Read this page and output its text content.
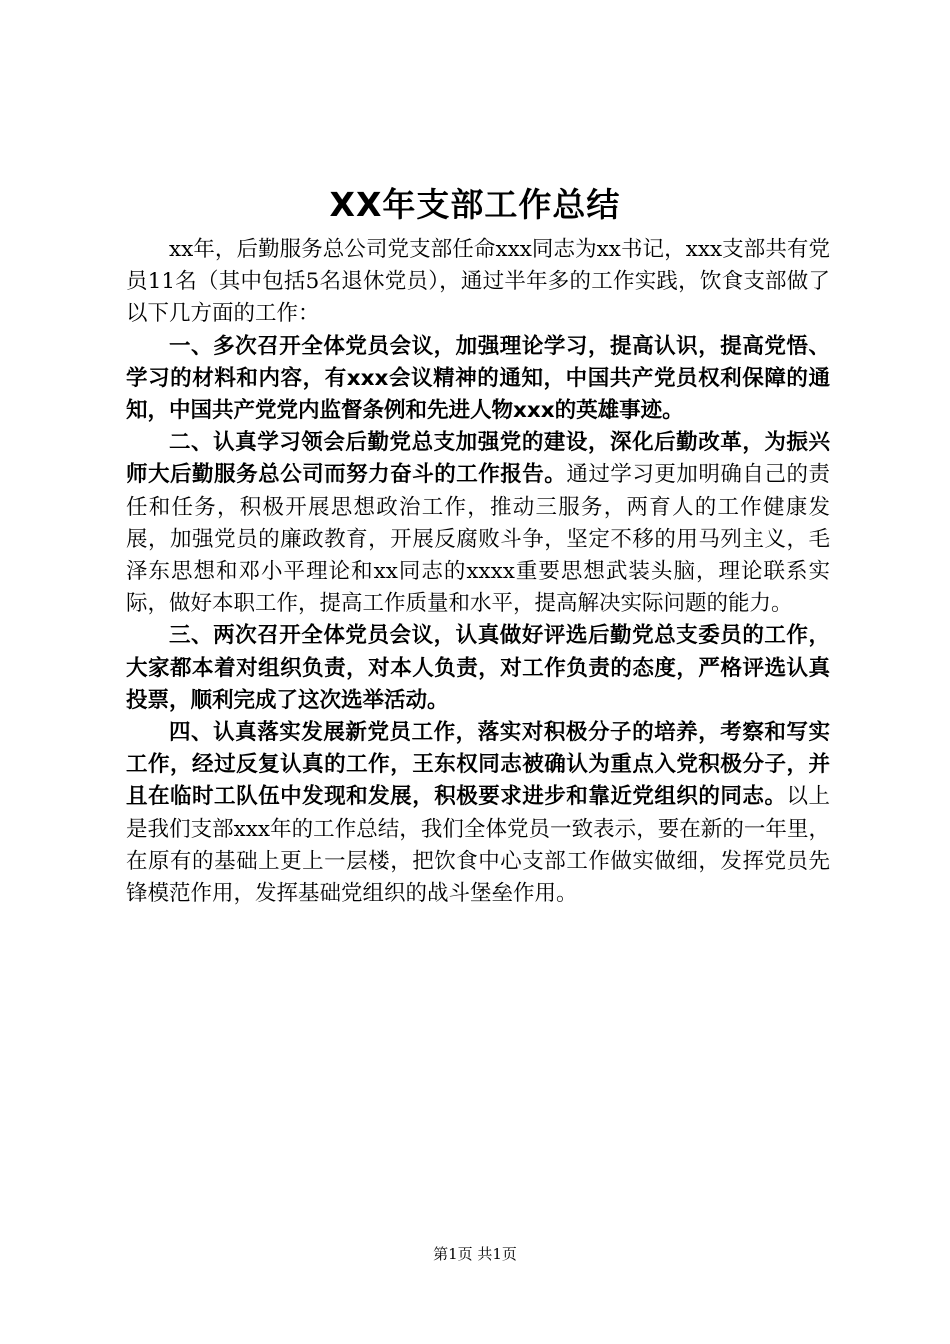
XX年支部工作总结

xx年，后勤服务总公司党支部任命xxx同志为xx书记，xxx支部共有党员11名（其中包括5名退休党员），通过半年多的工作实践，饮食支部做了以下几方面的工作：

一、多次召开全体党员会议，加强理论学习，提高认识，提高党悟、学习的材料和内容，有xxx会议精神的通知，中国共产党员权利保障的通知，中国共产党党内监督条例和先进人物xxx的英雄事迹。

二、认真学习领会后勤党总支加强党的建设，深化后勤改革，为振兴师大后勤服务总公司而努力奋斗的工作报告。通过学习更加明确自己的责任和任务，积极开展思想政治工作，推动三服务，两育人的工作健康发展，加强党员的廉政教育，开展反腐败斗争，坚定不移的用马列主义，毛泽东思想和邓小平理论和xx同志的xxxx重要思想武装头脑，理论联系实际，做好本职工作，提高工作质量和水平，提高解决实际问题的能力。

三、两次召开全体党员会议，认真做好评选后勤党总支委员的工作，大家都本着对组织负责，对本人负责，对工作负责的态度，严格评选认真投票，顺利完成了这次选举活动。

四、认真落实发展新党员工作，落实对积极分子的培养，考察和写实工作，经过反复认真的工作，王东权同志被确认为重点入党积极分子，并且在临时工队伍中发现和发展，积极要求进步和靠近党组织的同志。以上是我们支部xxx年的工作总结，我们全体党员一致表示，要在新的一年里，在原有的基础上更上一层楼，把饮食中心支部工作做实做细，发挥党员先锋模范作用，发挥基础党组织的战斗堡垒作用。

第1页 共1页
